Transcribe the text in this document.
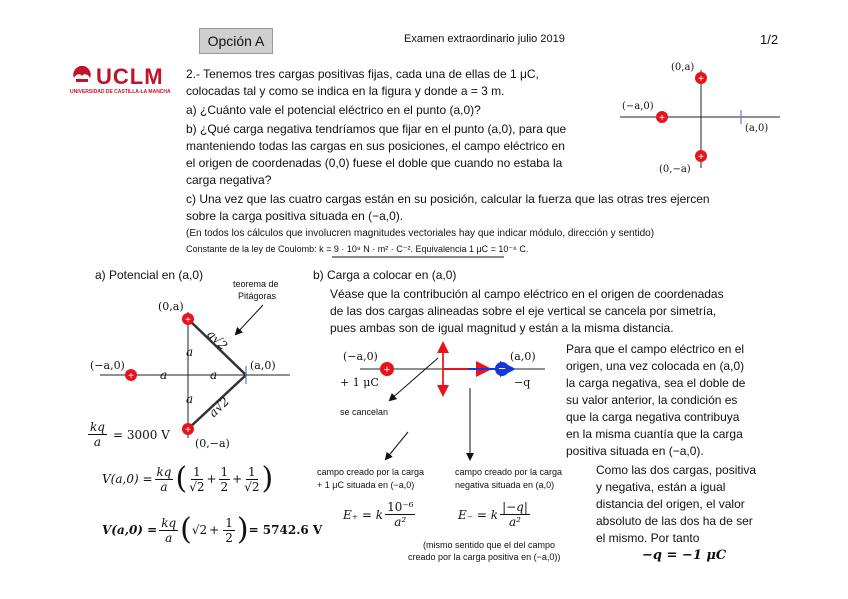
Opción A	Examen extraordinario julio 2019	1/2
UCLM
UNIVERSIDAD DE CASTILLA-LA MANCHA
2.- Tenemos tres cargas positivas fijas, cada una de ellas de 1 μC,
colocadas tal y como se indica en la figura y donde a = 3 m.
a) ¿Cuánto vale el potencial eléctrico en el punto (a,0)?
b) ¿Qué carga negativa tendríamos que fijar en el punto (a,0), para que
manteniendo todas las cargas en sus posiciones, el campo eléctrico en
el origen de coordenadas (0,0) fuese el doble que cuando no estaba la
carga negativa?
c) Una vez que las cuatro cargas están en su posición, calcular la fuerza que las otras tres ejercen
sobre la carga positiva situada en (−a,0).
(En todos los cálculos que involucren magnitudes vectoriales hay que indicar módulo, dirección y sentido)
Constante de la ley de Coulomb: k = 9 · 10⁹ N · m² · C⁻². Equivalencia 1 μC = 10⁻⁶ C.
+
+
+
(0,a)
(−a,0)
(a,0)
(0,−a)
a) Potencial en (a,0)
teorema de
Pitágoras
+
+
+
(0,a)
(−a,0)	(a,0)
(0,−a)
a
a	a
a
a√2
a√2
$\frac{kq}{a} = 3000$ V
$V(a,0) = \frac{kq}{a}$ ( $\frac{1}{√2} + \frac{1}{2} + \frac{1}{√2}$ )
$V(a,0) = \frac{kq}{a}$ ( $√2 + \frac{1}{2}$ ) = 5742.6 V
b) Carga a colocar en (a,0)
Véase que la contribución al campo eléctrico en el origen de coordenadas
de las dos cargas alineadas sobre el eje vertical se cancela por simetría,
pues ambas son de igual magnitud y están a la misma distancia.
+	−
(−a,0)
+ 1 μC
(a,0)
−q
se cancelan
Para que el campo eléctrico en el
origen, una vez colocada en (a,0)
la carga negativa, sea el doble de
su valor anterior, la condición es
que la carga negativa contribuya
en la misma cuantía que la carga
positiva situada en (−a,0).
campo creado por la carga
+ 1 μC situada en (−a,0)
campo creado por la carga
negativa situada en (a,0)
E₊ = k $\frac{\text{10⁻⁶}}{\text{a²}}$	E₋ = k $\frac{|-q|}{\text{a²}}$
(mismo sentido que el del campo
creado por la carga positiva en (−a,0))
Como las dos cargas, positiva
y negativa, están a igual
distancia del origen, el valor
absoluto de las dos ha de ser
el mismo. Por tanto
−q = −1 μC
